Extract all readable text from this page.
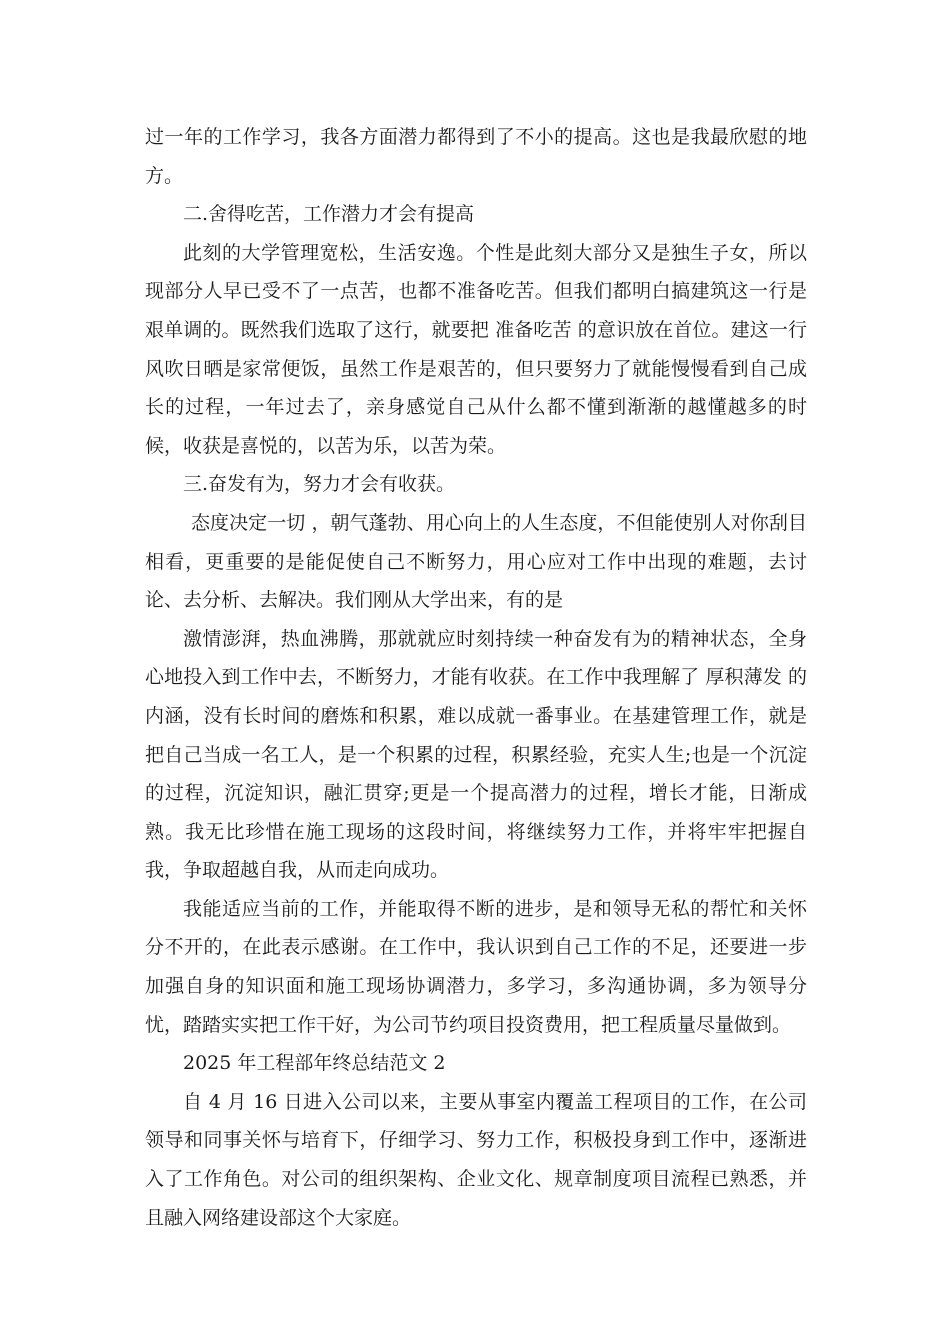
过一年的工作学习，我各方面潜力都得到了不小的提高。这也是我最欣慰的地方。

二.舍得吃苦，工作潜力才会有提高

此刻的大学管理宽松，生活安逸。个性是此刻大部分又是独生子女，所以现部分人早已受不了一点苦，也都不准备吃苦。但我们都明白搞建筑这一行是艰单调的。既然我们选取了这行，就要把 准备吃苦 的意识放在首位。建这一行风吹日晒是家常便饭，虽然工作是艰苦的，但只要努力了就能慢慢看到自己成长的过程，一年过去了，亲身感觉自己从什么都不懂到渐渐的越懂越多的时候，收获是喜悦的，以苦为乐，以苦为荣。

三.奋发有为，努力才会有收获。

态度决定一切 ，朝气蓬勃、用心向上的人生态度，不但能使别人对你刮目相看，更重要的是能促使自己不断努力，用心应对工作中出现的难题，去讨论、去分析、去解决。我们刚从大学出来，有的是

激情澎湃，热血沸腾，那就就应时刻持续一种奋发有为的精神状态，全身心地投入到工作中去，不断努力，才能有收获。在工作中我理解了 厚积薄发 的内涵，没有长时间的磨炼和积累，难以成就一番事业。在基建管理工作，就是把自己当成一名工人，是一个积累的过程，积累经验，充实人生;也是一个沉淀的过程，沉淀知识，融汇贯穿;更是一个提高潜力的过程，增长才能，日渐成熟。我无比珍惜在施工现场的这段时间，将继续努力工作，并将牢牢把握自我，争取超越自我，从而走向成功。

我能适应当前的工作，并能取得不断的进步，是和领导无私的帮忙和关怀分不开的，在此表示感谢。在工作中，我认识到自己工作的不足，还要进一步加强自身的知识面和施工现场协调潜力，多学习，多沟通协调，多为领导分忧，踏踏实实把工作干好，为公司节约项目投资费用，把工程质量尽量做到。

2025 年工程部年终总结范文 2

自 4 月 16 日进入公司以来，主要从事室内覆盖工程项目的工作，在公司领导和同事关怀与培育下，仔细学习、努力工作，积极投身到工作中，逐渐进入了工作角色。对公司的组织架构、企业文化、规章制度项目流程已熟悉，并且融入网络建设部这个大家庭。
